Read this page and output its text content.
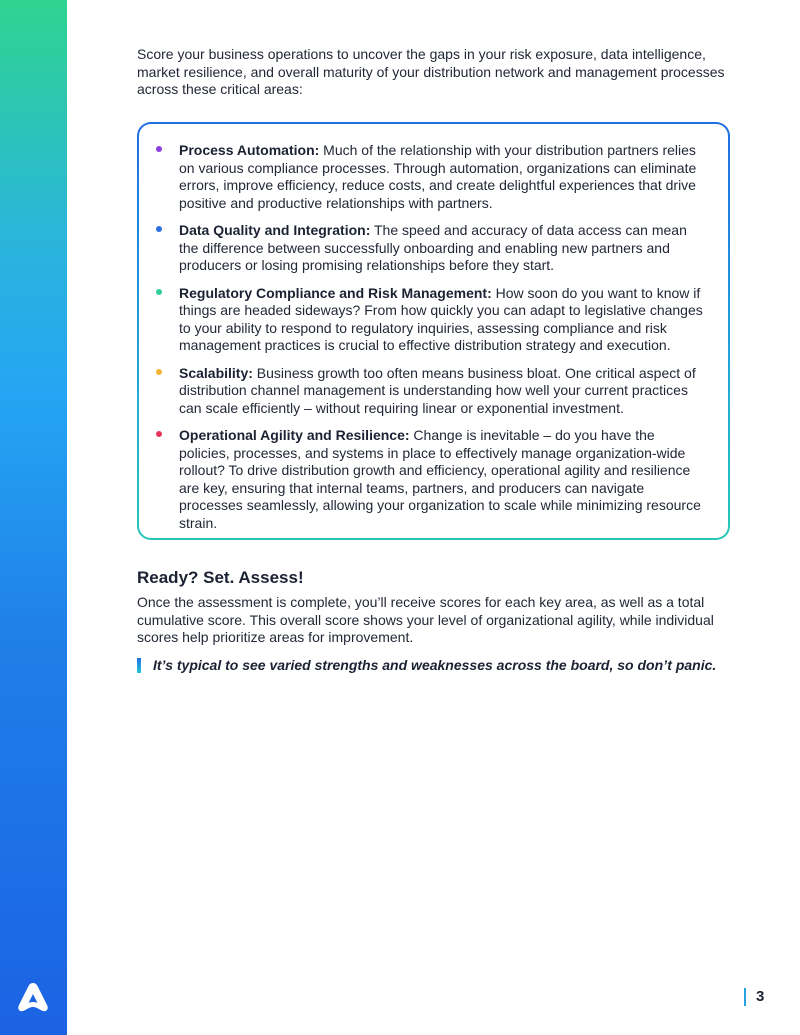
Score your business operations to uncover the gaps in your risk exposure, data intelligence, market resilience, and overall maturity of your distribution network and management processes across these critical areas:

Process Automation: Much of the relationship with your distribution partners relies on various compliance processes. Through automation, organizations can eliminate errors, improve efficiency, reduce costs, and create delightful experiences that drive positive and productive relationships with partners.
Data Quality and Integration: The speed and accuracy of data access can mean the difference between successfully onboarding and enabling new partners and producers or losing promising relationships before they start.
Regulatory Compliance and Risk Management: How soon do you want to know if things are headed sideways? From how quickly you can adapt to legislative changes to your ability to respond to regulatory inquiries, assessing compliance and risk management practices is crucial to effective distribution strategy and execution.
Scalability: Business growth too often means business bloat. One critical aspect of distribution channel management is understanding how well your current practices can scale efficiently – without requiring linear or exponential investment.
Operational Agility and Resilience: Change is inevitable – do you have the policies, processes, and systems in place to effectively manage organization-wide rollout? To drive distribution growth and efficiency, operational agility and resilience are key, ensuring that internal teams, partners, and producers can navigate processes seamlessly, allowing your organization to scale while minimizing resource strain.
Ready? Set. Assess!

Once the assessment is complete, you’ll receive scores for each key area, as well as a total cumulative score. This overall score shows your level of organizational agility, while individual scores help prioritize areas for improvement.

It’s typical to see varied strengths and weaknesses across the board, so don’t panic.
3
